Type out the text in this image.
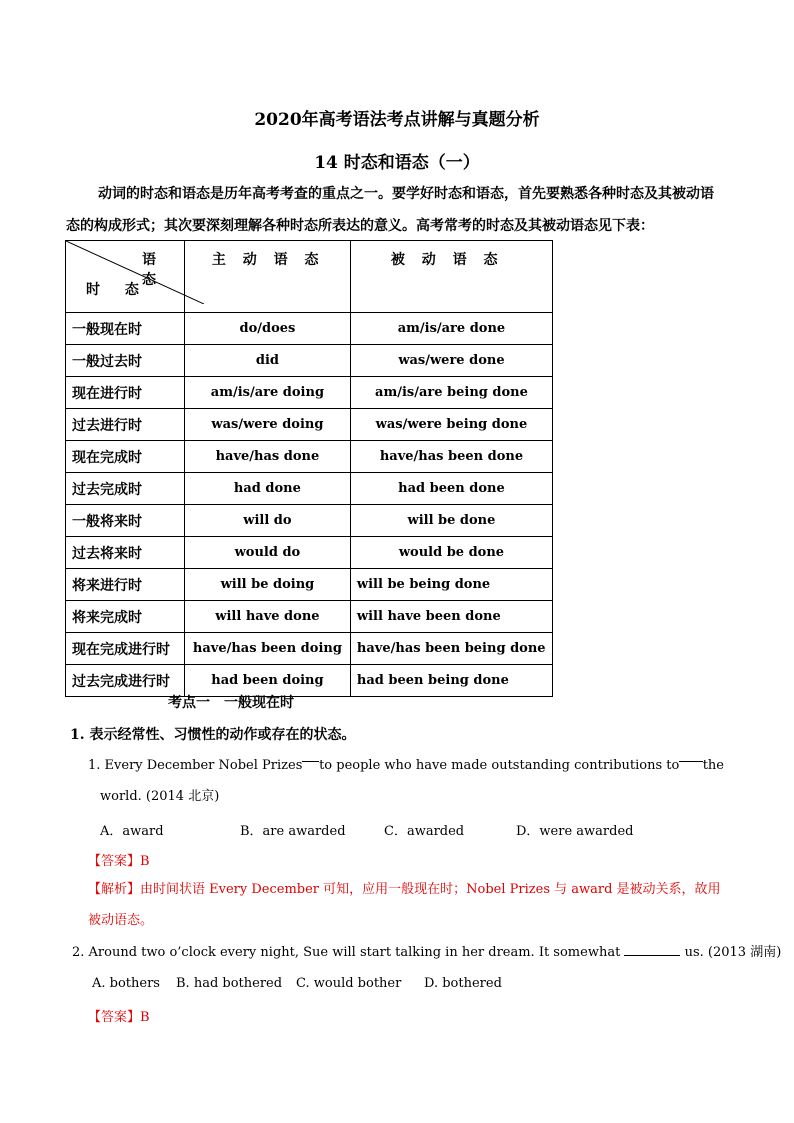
2020年高考语法考点讲解与真题分析
14 时态和语态（一）
动词的时态和语态是历年高考考查的重点之一。要学好时态和语态，首先要熟悉各种时态及其被动语态的构成形式；其次要深刻理解各种时态所表达的意义。高考常考的时态及其被动语态见下表：
语 态
时 态	主 动 语 态	被 动 语 态
一般现在时	do/does	am/is/are done
一般过去时	did	was/were done
现在进行时	am/is/are doing	am/is/are being done
过去进行时	was/were doing	was/were being done
现在完成时	have/has done	have/has been done
过去完成时	had done	had been done
一般将来时	will do	will be done
过去将来时	would do	would be done
将来进行时	will be doing	will be being done
将来完成时	will have done	will have been done
现在完成进行时	have/has been doing	have/has been being done
过去完成进行时	had been doing	had been being done
考点一　一般现在时
1. 表示经常性、习惯性的动作或存在的状态。
1. Every December Nobel Prizes to people who have made outstanding contributions to the
world. (2014 北京)
A．award	B．are awarded	C．awarded	D．were awarded
【答案】B
【解析】由时间状语 Every December 可知，应用一般现在时；Nobel Prizes 与 award 是被动关系，故用被动语态。
2. Around two o’clock every night, Sue will start talking in her dream. It somewhat	us. (2013 湖南)
A. bothers B. had bothered C. would bother D. bothered
【答案】B
